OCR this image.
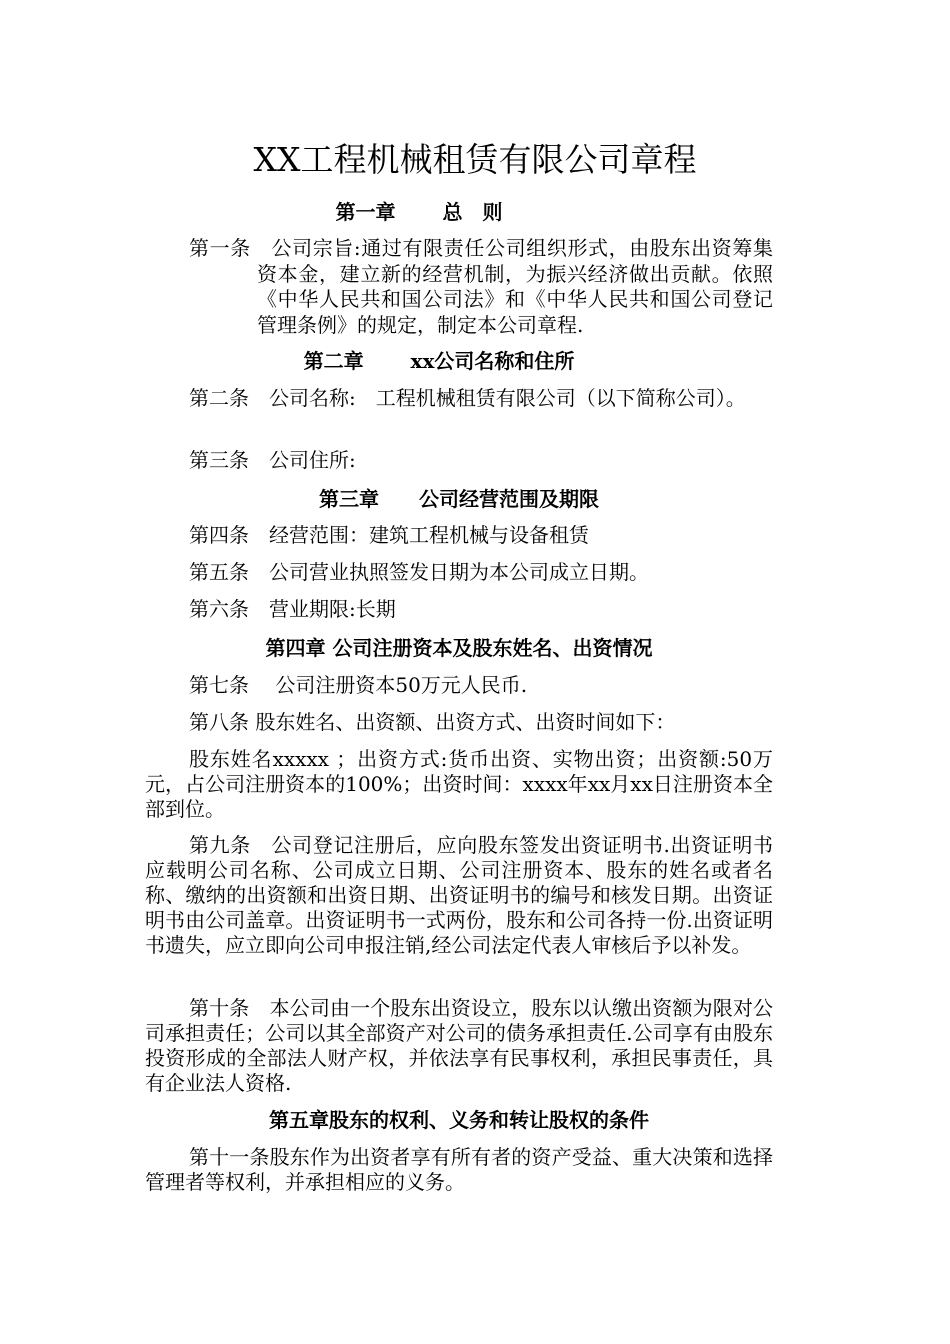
XX工程机械租赁有限公司章程

第一章　　 总　则

第一条　公司宗旨:通过有限责任公司组织形式，由股东出资筹集资本金，建立新的经营机制，为振兴经济做出贡献。依照《中华人民共和国公司法》和《中华人民共和国公司登记管理条例》的规定，制定本公司章程.

第二章　　 xx公司名称和住所

第二条　公司名称:　工程机械租赁有限公司（以下简称公司）。

第三条　公司住所:

第三章　　公司经营范围及期限

第四条　经营范围：建筑工程机械与设备租赁

第五条　公司营业执照签发日期为本公司成立日期。

第六条　营业期限:长期

第四章 公司注册资本及股东姓名、出资情况

第七条　 公司注册资本50万元人民币.

第八条 股东姓名、出资额、出资方式、出资时间如下：

股东姓名xxxxx ；出资方式:货币出资、实物出资；出资额:50万元，占公司注册资本的100%；出资时间：xxxx年xx月xx日注册资本全部到位。

第九条　公司登记注册后，应向股东签发出资证明书.出资证明书应载明公司名称、公司成立日期、公司注册资本、股东的姓名或者名称、缴纳的出资额和出资日期、出资证明书的编号和核发日期。出资证明书由公司盖章。出资证明书一式两份，股东和公司各持一份.出资证明书遗失，应立即向公司申报注销,经公司法定代表人审核后予以补发。

第十条　本公司由一个股东出资设立，股东以认缴出资额为限对公司承担责任；公司以其全部资产对公司的债务承担责任.公司享有由股东投资形成的全部法人财产权，并依法享有民事权利，承担民事责任，具有企业法人资格.

第五章股东的权利、义务和转让股权的条件

第十一条股东作为出资者享有所有者的资产受益、重大决策和选择管理者等权利，并承担相应的义务。
